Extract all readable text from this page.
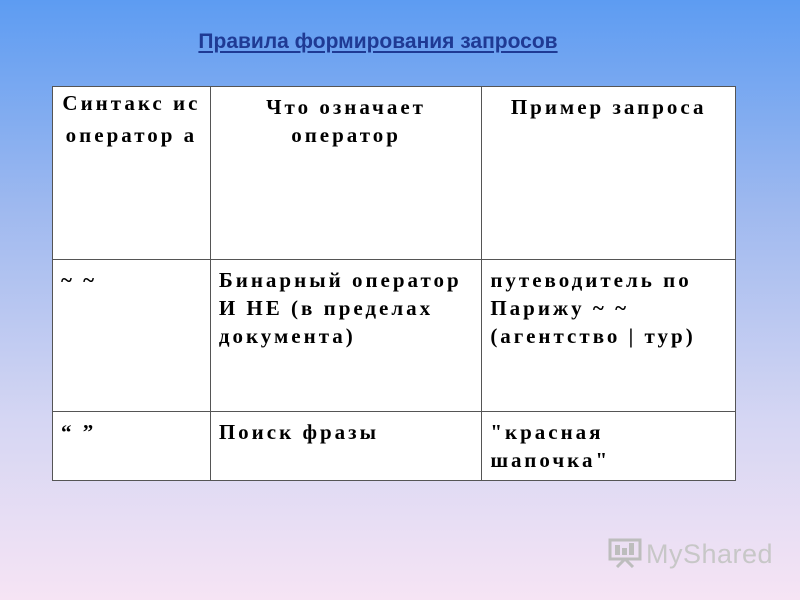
Правила формирования запросов
Синтакс ис оператор а	Что означает оператор	Пример запроса
~ ~	Бинарный оператор И НЕ (в пределах документа)	путеводитель по Парижу ~ ~ (агентство | тур)
“ ”	Поиск фразы	"красная шапочка"
MyShared
